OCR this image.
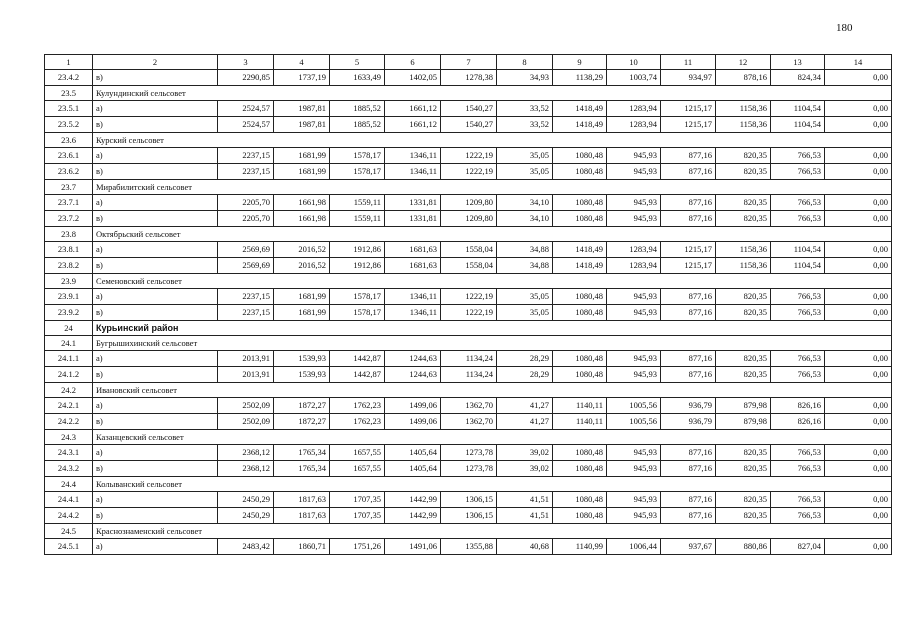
180
1	2	3	4	5	6	7	8	9	10	11	12	13	14
23.4.2	в)	2290,85	1737,19	1633,49	1402,05	1278,38	34,93	1138,29	1003,74	934,97	878,16	824,34	0,00
23.5	Кулундинский сельсовет												
23.5.1	а)	2524,57	1987,81	1885,52	1661,12	1540,27	33,52	1418,49	1283,94	1215,17	1158,36	1104,54	0,00
23.5.2	в)	2524,57	1987,81	1885,52	1661,12	1540,27	33,52	1418,49	1283,94	1215,17	1158,36	1104,54	0,00
23.6	Курский сельсовет												
23.6.1	а)	2237,15	1681,99	1578,17	1346,11	1222,19	35,05	1080,48	945,93	877,16	820,35	766,53	0,00
23.6.2	в)	2237,15	1681,99	1578,17	1346,11	1222,19	35,05	1080,48	945,93	877,16	820,35	766,53	0,00
23.7	Мирабилитский сельсовет												
23.7.1	а)	2205,70	1661,98	1559,11	1331,81	1209,80	34,10	1080,48	945,93	877,16	820,35	766,53	0,00
23.7.2	в)	2205,70	1661,98	1559,11	1331,81	1209,80	34,10	1080,48	945,93	877,16	820,35	766,53	0,00
23.8	Октябрьский сельсовет												
23.8.1	а)	2569,69	2016,52	1912,86	1681,63	1558,04	34,88	1418,49	1283,94	1215,17	1158,36	1104,54	0,00
23.8.2	в)	2569,69	2016,52	1912,86	1681,63	1558,04	34,88	1418,49	1283,94	1215,17	1158,36	1104,54	0,00
23.9	Семеновский сельсовет												
23.9.1	а)	2237,15	1681,99	1578,17	1346,11	1222,19	35,05	1080,48	945,93	877,16	820,35	766,53	0,00
23.9.2	в)	2237,15	1681,99	1578,17	1346,11	1222,19	35,05	1080,48	945,93	877,16	820,35	766,53	0,00
24	Курьинский район												
24.1	Бугрышихинский сельсовет												
24.1.1	а)	2013,91	1539,93	1442,87	1244,63	1134,24	28,29	1080,48	945,93	877,16	820,35	766,53	0,00
24.1.2	в)	2013,91	1539,93	1442,87	1244,63	1134,24	28,29	1080,48	945,93	877,16	820,35	766,53	0,00
24.2	Ивановский сельсовет												
24.2.1	а)	2502,09	1872,27	1762,23	1499,06	1362,70	41,27	1140,11	1005,56	936,79	879,98	826,16	0,00
24.2.2	в)	2502,09	1872,27	1762,23	1499,06	1362,70	41,27	1140,11	1005,56	936,79	879,98	826,16	0,00
24.3	Казанцевский сельсовет												
24.3.1	а)	2368,12	1765,34	1657,55	1405,64	1273,78	39,02	1080,48	945,93	877,16	820,35	766,53	0,00
24.3.2	в)	2368,12	1765,34	1657,55	1405,64	1273,78	39,02	1080,48	945,93	877,16	820,35	766,53	0,00
24.4	Колыванский сельсовет												
24.4.1	а)	2450,29	1817,63	1707,35	1442,99	1306,15	41,51	1080,48	945,93	877,16	820,35	766,53	0,00
24.4.2	в)	2450,29	1817,63	1707,35	1442,99	1306,15	41,51	1080,48	945,93	877,16	820,35	766,53	0,00
24.5	Краснознаменский сельсовет												
24.5.1	а)	2483,42	1860,71	1751,26	1491,06	1355,88	40,68	1140,99	1006,44	937,67	880,86	827,04	0,00
